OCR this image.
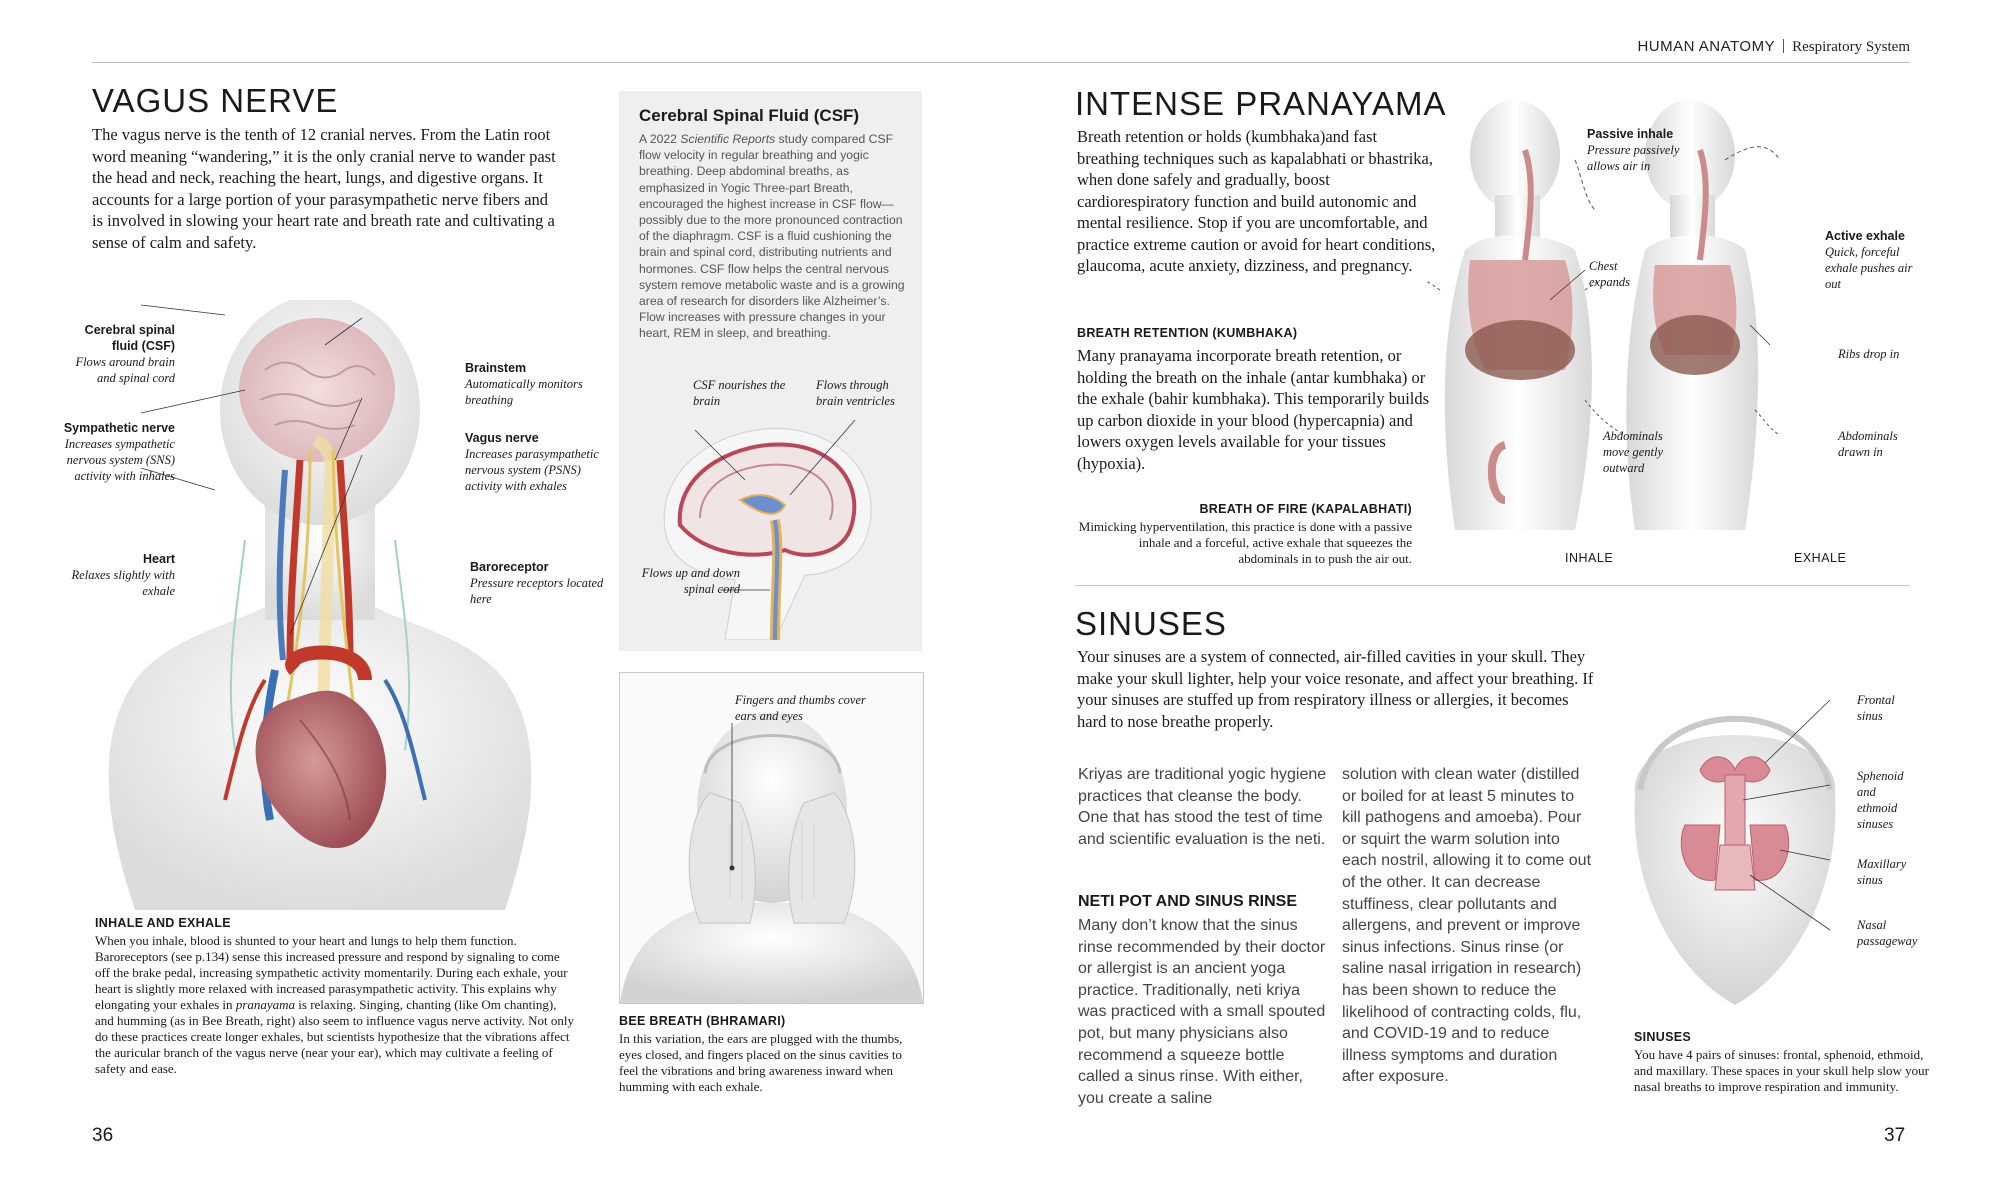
HUMAN ANATOMY Respiratory System
VAGUS NERVE
The vagus nerve is the tenth of 12 cranial nerves. From the Latin root word meaning “wandering,” it is the only cranial nerve to wander past the head and neck, reaching the heart, lungs, and digestive organs. It accounts for a large portion of your parasympathetic nerve fibers and is involved in slowing your heart rate and breath rate and cultivating a sense of calm and safety.
Cerebral spinal fluid (CSF)
Flows around brain and spinal cord
Sympathetic nerve
Increases sympathetic nervous system (SNS) activity with inhales
Heart
Relaxes slightly with exhale
Brainstem
Automatically monitors breathing
Vagus nerve
Increases parasympathetic nervous system (PSNS) activity with exhales
Baroreceptor
Pressure receptors located here
INHALE AND EXHALE
When you inhale, blood is shunted to your heart and lungs to help them function. Baroreceptors (see p.134) sense this increased pressure and respond by signaling to come off the brake pedal, increasing sympathetic activity momentarily. During each exhale, your heart is slightly more relaxed with increased parasympathetic activity. This explains why elongating your exhales in pranayama is relaxing. Singing, chanting (like Om chanting), and humming (as in Bee Breath, right) also seem to influence vagus nerve activity. Not only do these practices create longer exhales, but scientists hypothesize that the vibrations affect the auricular branch of the vagus nerve (near your ear), which may cultivate a feeling of safety and ease.
Cerebral Spinal Fluid (CSF)
A 2022 Scientific Reports study compared CSF flow velocity in regular breathing and yogic breathing. Deep abdominal breaths, as emphasized in Yogic Three-part Breath, encouraged the highest increase in CSF flow—possibly due to the more pronounced contraction of the diaphragm. CSF is a fluid cushioning the brain and spinal cord, distributing nutrients and hormones. CSF flow helps the central nervous system remove metabolic waste and is a growing area of research for disorders like Alzheimer’s. Flow increases with pressure changes in your heart, REM in sleep, and breathing.
CSF nourishes the brain
Flows through brain ventricles
Flows up and down spinal cord
Fingers and thumbs cover ears and eyes
BEE BREATH (BHRAMARI)
In this variation, the ears are plugged with the thumbs, eyes closed, and fingers placed on the sinus cavities to feel the vibrations and bring awareness inward when humming with each exhale.
36
INTENSE PRANAYAMA
Breath retention or holds (kumbhaka)and fast breathing techniques such as kapalabhati or bhastrika, when done safely and gradually, boost cardiorespiratory function and build autonomic and mental resilience. Stop if you are uncomfortable, and practice extreme caution or avoid for heart conditions, glaucoma, acute anxiety, dizziness, and pregnancy.
BREATH RETENTION (KUMBHAKA)
Many pranayama incorporate breath retention, or holding the breath on the inhale (antar kumbhaka) or the exhale (bahir kumbhaka). This temporarily builds up carbon dioxide in your blood (hypercapnia) and lowers oxygen levels available for your tissues (hypoxia).
BREATH OF FIRE (KAPALABHATI)
Mimicking hyperventilation, this practice is done with a passive inhale and a forceful, active exhale that squeezes the abdominals in to push the air out.
Passive inhale
Pressure passively allows air in
Chest expands
Abdominals move gently outward
Active exhale
Quick, forceful exhale pushes air out
Ribs drop in
Abdominals drawn in
INHALE	EXHALE
SINUSES
Your sinuses are a system of connected, air-filled cavities in your skull. They make your skull lighter, help your voice resonate, and affect your breathing. If your sinuses are stuffed up from respiratory illness or allergies, it becomes hard to nose breathe properly.
Kriyas are traditional yogic hygiene practices that cleanse the body. One that has stood the test of time and scientific evaluation is the neti.
NETI POT AND SINUS RINSE
Many don’t know that the sinus rinse recommended by their doctor or allergist is an ancient yoga practice. Traditionally, neti kriya was practiced with a small spouted pot, but many physicians also recommend a squeeze bottle called a sinus rinse. With either, you create a saline
solution with clean water (distilled or boiled for at least 5 minutes to kill pathogens and amoeba). Pour or squirt the warm solution into each nostril, allowing it to come out of the other. It can decrease stuffiness, clear pollutants and allergens, and prevent or improve sinus infections. Sinus rinse (or saline nasal irrigation in research) has been shown to reduce the likelihood of contracting colds, flu, and COVID-19 and to reduce illness symptoms and duration after exposure.
Frontal sinus
Sphenoid and ethmoid sinuses
Maxillary sinus
Nasal passageway
SINUSES
You have 4 pairs of sinuses: frontal, sphenoid, ethmoid, and maxillary. These spaces in your skull help slow your nasal breaths to improve respiration and immunity.
37
